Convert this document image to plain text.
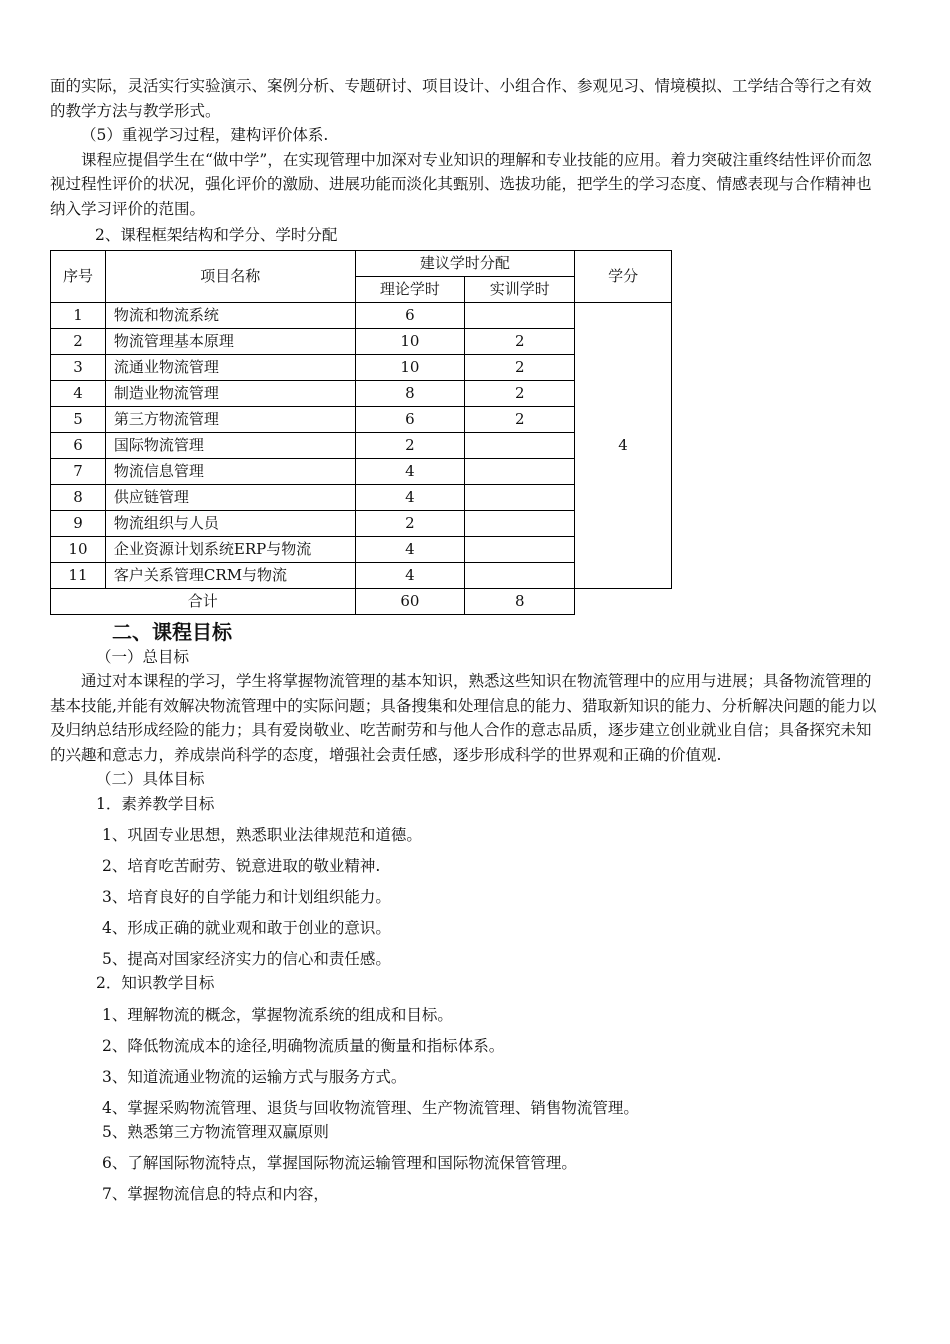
面的实际，灵活实行实验演示、案例分析、专题研讨、项目设计、小组合作、参观见习、情境模拟、工学结合等行之有效的教学方法与教学形式。

（5）重视学习过程，建构评价体系.

课程应提倡学生在“做中学”，在实现管理中加深对专业知识的理解和专业技能的应用。着力突破注重终结性评价而忽视过程性评价的状况，强化评价的激励、进展功能而淡化其甄别、选拔功能，把学生的学习态度、情感表现与合作精神也纳入学习评价的范围。

2、课程框架结构和学分、学时分配

序号	项目名称	建议学时分配		学分
		理论学时	实训学时	
1	物流和物流系统	6		4
2	物流管理基本原理	10	2	
3	流通业物流管理	10	2	
4	制造业物流管理	8	2	
5	第三方物流管理	6	2	
6	国际物流管理	2		
7	物流信息管理	4		
8	供应链管理	4		
9	物流组织与人员	2		
10	企业资源计划系统ERP与物流	4		
11	客户关系管理CRM与物流	4		
合计		60	8	
二、课程目标

（一）总目标

通过对本课程的学习，学生将掌握物流管理的基本知识，熟悉这些知识在物流管理中的应用与进展；具备物流管理的基本技能,并能有效解决物流管理中的实际问题；具备搜集和处理信息的能力、猎取新知识的能力、分析解决问题的能力以及归纳总结形成经险的能力；具有爱岗敬业、吃苦耐劳和与他人合作的意志品质，逐步建立创业就业自信；具备探究未知的兴趣和意志力，养成崇尚科学的态度，增强社会责任感，逐步形成科学的世界观和正确的价值观.

（二）具体目标

1．素养教学目标

1、巩固专业思想，熟悉职业法律规范和道德。

2、培育吃苦耐劳、锐意进取的敬业精神.

3、培育良好的自学能力和计划组织能力。

4、形成正确的就业观和敢于创业的意识。

5、提高对国家经济实力的信心和责任感。

2．知识教学目标

1、理解物流的概念，掌握物流系统的组成和目标。

2、降低物流成本的途径,明确物流质量的衡量和指标体系。

3、知道流通业物流的运输方式与服务方式。

4、掌握采购物流管理、退货与回收物流管理、生产物流管理、销售物流管理。

5、熟悉第三方物流管理双赢原则

6、了解国际物流特点，掌握国际物流运输管理和国际物流保管管理。

7、掌握物流信息的特点和内容，
